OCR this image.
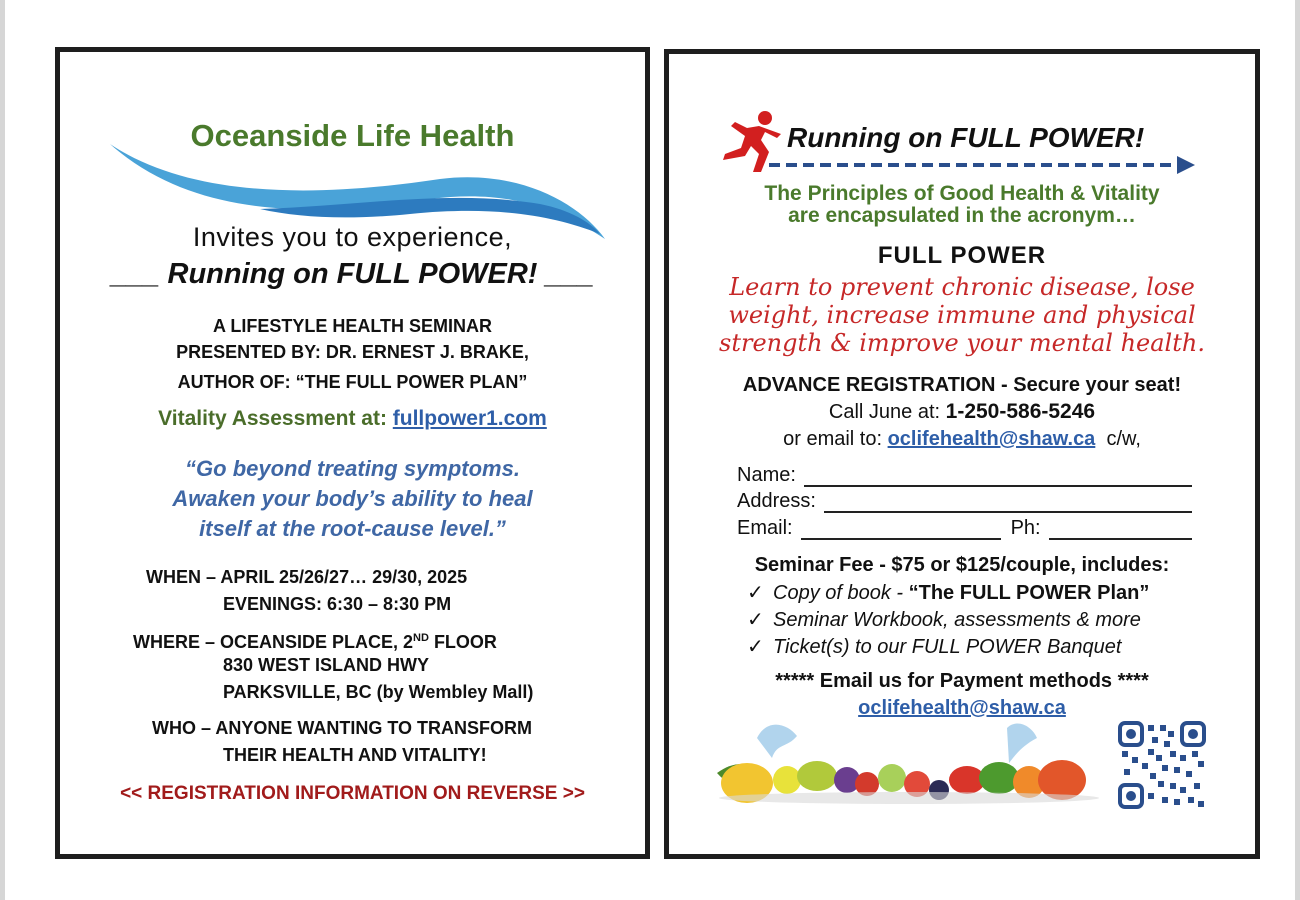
Oceanside Life Health
Invites you to experience,
___ Running on FULL POWER! ___
A LIFESTYLE HEALTH SEMINAR
PRESENTED BY: DR. ERNEST J. BRAKE,
AUTHOR OF: “THE FULL POWER PLAN”
Vitality Assessment at: fullpower1.com
“Go beyond treating symptoms.
Awaken your body’s ability to heal
itself at the root-cause level.”
WHEN – APRIL 25/26/27… 29/30, 2025
EVENINGS: 6:30 – 8:30 PM
WHERE – OCEANSIDE PLACE, 2ND FLOOR
830 WEST ISLAND HWY
PARKSVILLE, BC (by Wembley Mall)
WHO – ANYONE WANTING TO TRANSFORM
THEIR HEALTH AND VITALITY!
<< REGISTRATION INFORMATION ON REVERSE >>
Running on FULL POWER!
The Principles of Good Health & Vitality
are encapsulated in the acronym…
FULL POWER
Learn to prevent chronic disease, lose
weight, increase immune and physical
strength & improve your mental health.
ADVANCE REGISTRATION - Secure your seat!
Call June at: 1-250-586-5246
or email to: oclifehealth@shaw.ca c/w,
Name:
Address:
Email:	Ph:
Seminar Fee - $75 or $125/couple, includes:
✓ Copy of book - “The FULL POWER Plan”
✓ Seminar Workbook, assessments & more
✓ Ticket(s) to our FULL POWER Banquet
***** Email us for Payment methods ****
oclifehealth@shaw.ca
